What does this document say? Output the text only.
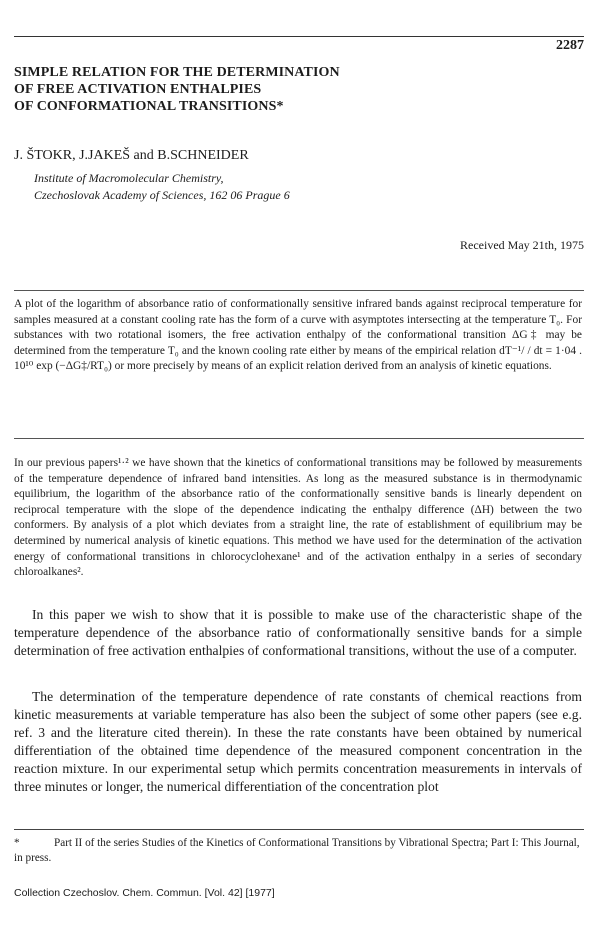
2287
SIMPLE RELATION FOR THE DETERMINATION
OF FREE ACTIVATION ENTHALPIES
OF CONFORMATIONAL TRANSITIONS*
J. ŠTOKR, J.JAKEŠ and B.SCHNEIDER
Institute of Macromolecular Chemistry,
Czechoslovak Academy of Sciences, 162 06 Prague 6
Received May 21th, 1975

A plot of the logarithm of absorbance ratio of conformationally sensitive infrared bands against reciprocal temperature for samples measured at a constant cooling rate has the form of a curve with asymptotes intersecting at the temperature T₀. For substances with two rotational isomers, the free activation enthalpy of the conformational transition ΔG‡ may be determined from the temperature T₀ and the known cooling rate either by means of the empirical relation dT⁻¹/ / dt = 1·04 . 10¹⁰ exp (−ΔG‡/RT₀) or more precisely by means of an explicit relation derived from an analysis of kinetic equations.

In our previous papers¹·² we have shown that the kinetics of conformational transitions may be followed by measurements of the temperature dependence of infrared band intensities. As long as the measured substance is in thermodynamic equilibrium, the logarithm of the absorbance ratio of the conformationally sensitive bands is linearly dependent on reciprocal temperature with the slope of the dependence indicating the enthalpy difference (ΔH) between the two conformers. By analysis of a plot which deviates from a straight line, the rate of establishment of equilibrium may be determined by numerical analysis of kinetic equations. This method we have used for the determination of the activation energy of conformational transitions in chlorocyclohexane¹ and of the activation enthalpy in a series of secondary chloroalkanes².

In this paper we wish to show that it is possible to make use of the characteristic shape of the temperature dependence of the absorbance ratio of conformationally sensitive bands for a simple determination of free activation enthalpies of conformational transitions, without the use of a computer.

The determination of the temperature dependence of rate constants of chemical reactions from kinetic measurements at variable temperature has also been the subject of some other papers (see e.g. ref. 3 and the literature cited therein). In these the rate constants have been obtained by numerical differentiation of the obtained time dependence of the measured component concentration in the reaction mixture. In our experimental setup which permits concentration measurements in intervals of three minutes or longer, the numerical differentiation of the concentration plot

*	Part II of the series Studies of the Kinetics of Conformational Transitions by Vibrational Spectra; Part I: This Journal, in press.

Collection Czechoslov. Chem. Commun. [Vol. 42] [1977]
